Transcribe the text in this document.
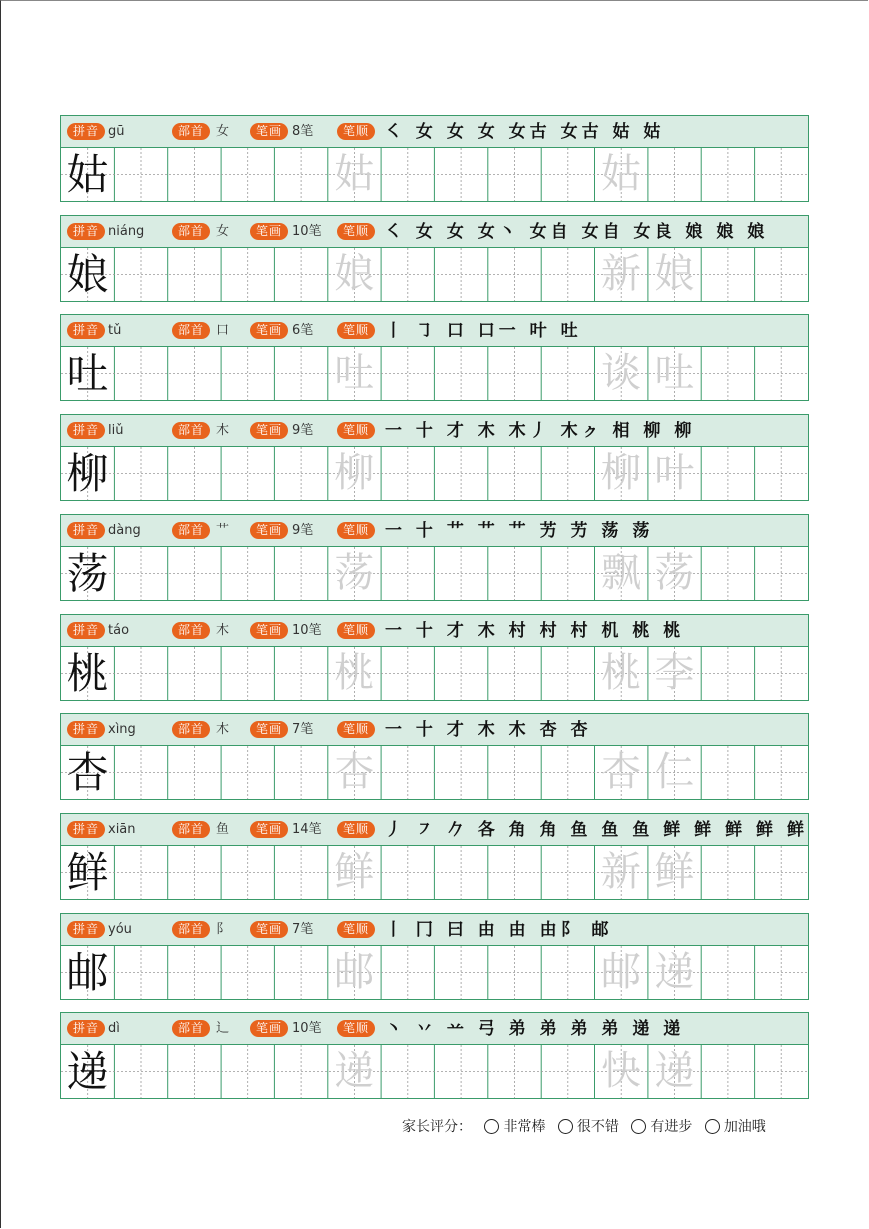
拼音 gū	部首 女	笔画 8笔	笔顺 ㇛ 女 女 女 女古 女古 姑 姑
姑	姑	姑
拼音 niáng	部首 女	笔画 10笔	笔顺 ㇛ 女 女 女丶 女自 女自 女良 娘 娘 娘
娘	娘	新 娘
拼音 tǔ	部首 口	笔画 6笔	笔顺 丨 ㇆ 口 口一 叶 吐
吐	吐	谈 吐
拼音 liǔ	部首 木	笔画 9笔	笔顺 一 十 才 木 木丿 木ㇰ 相 柳 柳
柳	柳	柳 叶
拼音 dàng	部首 艹	笔画 9笔	笔顺 一 十 艹 艹 艹 艻 艻 荡 荡
荡	荡	飘 荡
拼音 táo	部首 木	笔画 10笔	笔顺 一 十 才 木 村 村 村 机 桃 桃
桃	桃	桃 李
拼音 xìng	部首 木	笔画 7笔	笔顺 一 十 才 木 木 杏 杏
杏	杏	杏 仁
拼音 xiān	部首 鱼	笔画 14笔	笔顺 丿 ㇇ 𠂊 各 角 角 鱼 鱼 鱼 鲜 鲜 鲜 鲜 鲜
鲜	鲜	新 鲜
拼音 yóu	部首 阝	笔画 7笔	笔顺 丨 冂 曰 由 由 由阝 邮
邮	邮	邮 递
拼音 dì	部首 辶	笔画 10笔	笔顺 丶 丷 䒑 弓 弟 弟 弟 弟 递 递
递	递	快 递
家长评分： 非常棒 很不错 有进步 加油哦
